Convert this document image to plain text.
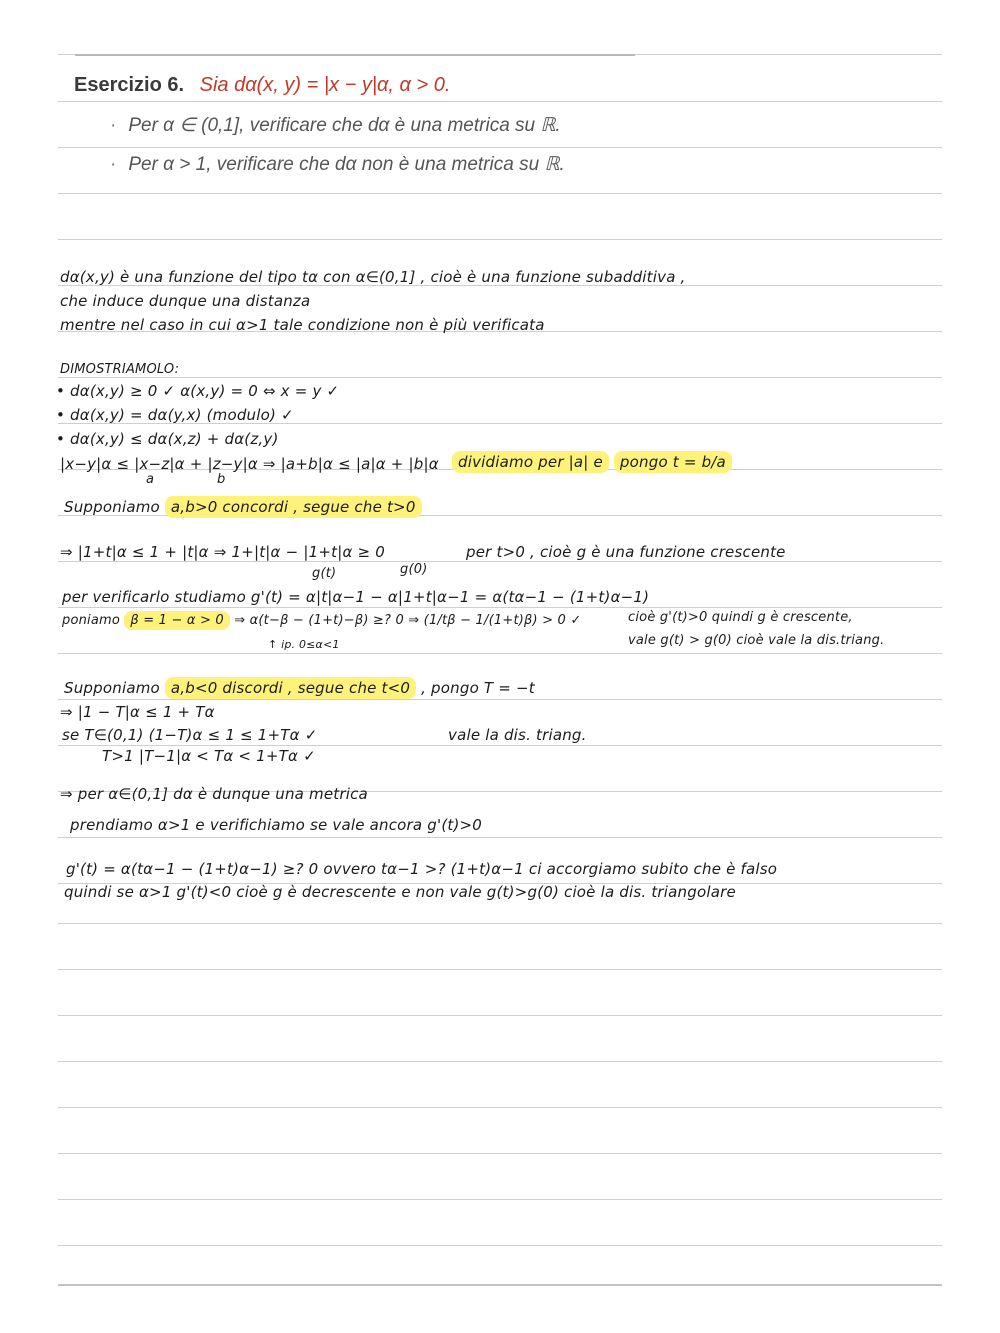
Esercizio 6. Sia dα(x, y) = |x − y|α, α > 0.
· Per α ∈ (0,1], verificare che dα è una metrica su ℝ.
· Per α > 1, verificare che dα non è una metrica su ℝ.
dα(x,y) è una funzione del tipo tα con α∈(0,1] , cioè è una funzione subadditiva ,
che induce dunque una distanza
mentre nel caso in cui α>1 tale condizione non è più verificata
DIMOSTRIAMOLO:
• dα(x,y) ≥ 0 ✓ α(x,y) = 0 ⇔ x = y ✓
• dα(x,y) = dα(y,x) (modulo) ✓
• dα(x,y) ≤ dα(x,z) + dα(z,y)
|x−y|α ≤ |x−z|α + |z−y|α ⇒ |a+b|α ≤ |a|α + |b|α
a	b
dividiamo per |a| e pongo t = b/a
Supponiamo a,b>0 concordi , segue che t>0
⇒ |1+t|α ≤ 1 + |t|α ⇒ 1+|t|α − |1+t|α ≥ 0
g(t)	g(0)
per t>0 , cioè g è una funzione crescente
per verificarlo studiamo g'(t) = α|t|α−1 − α|1+t|α−1 = α(tα−1 − (1+t)α−1)
poniamo β = 1 − α > 0 ⇒ α(t−β − (1+t)−β) ≥? 0 ⇒ (1/tβ − 1/(1+t)β) > 0 ✓
↑ ip. 0≤α<1
cioè g'(t)>0 quindi g è crescente,
vale g(t) > g(0) cioè vale la dis.triang.
Supponiamo a,b<0 discordi , segue che t<0 , pongo T = −t
⇒ |1 − T|α ≤ 1 + Tα
se T∈(0,1) (1−T)α ≤ 1 ≤ 1+Tα ✓	vale la dis. triang.
T>1 |T−1|α < Tα < 1+Tα ✓
⇒ per α∈(0,1] dα è dunque una metrica
prendiamo α>1 e verifichiamo se vale ancora g'(t)>0
g'(t) = α(tα−1 − (1+t)α−1) ≥? 0 ovvero tα−1 >? (1+t)α−1 ci accorgiamo subito che è falso
quindi se α>1 g'(t)<0 cioè g è decrescente e non vale g(t)>g(0) cioè la dis. triangolare
